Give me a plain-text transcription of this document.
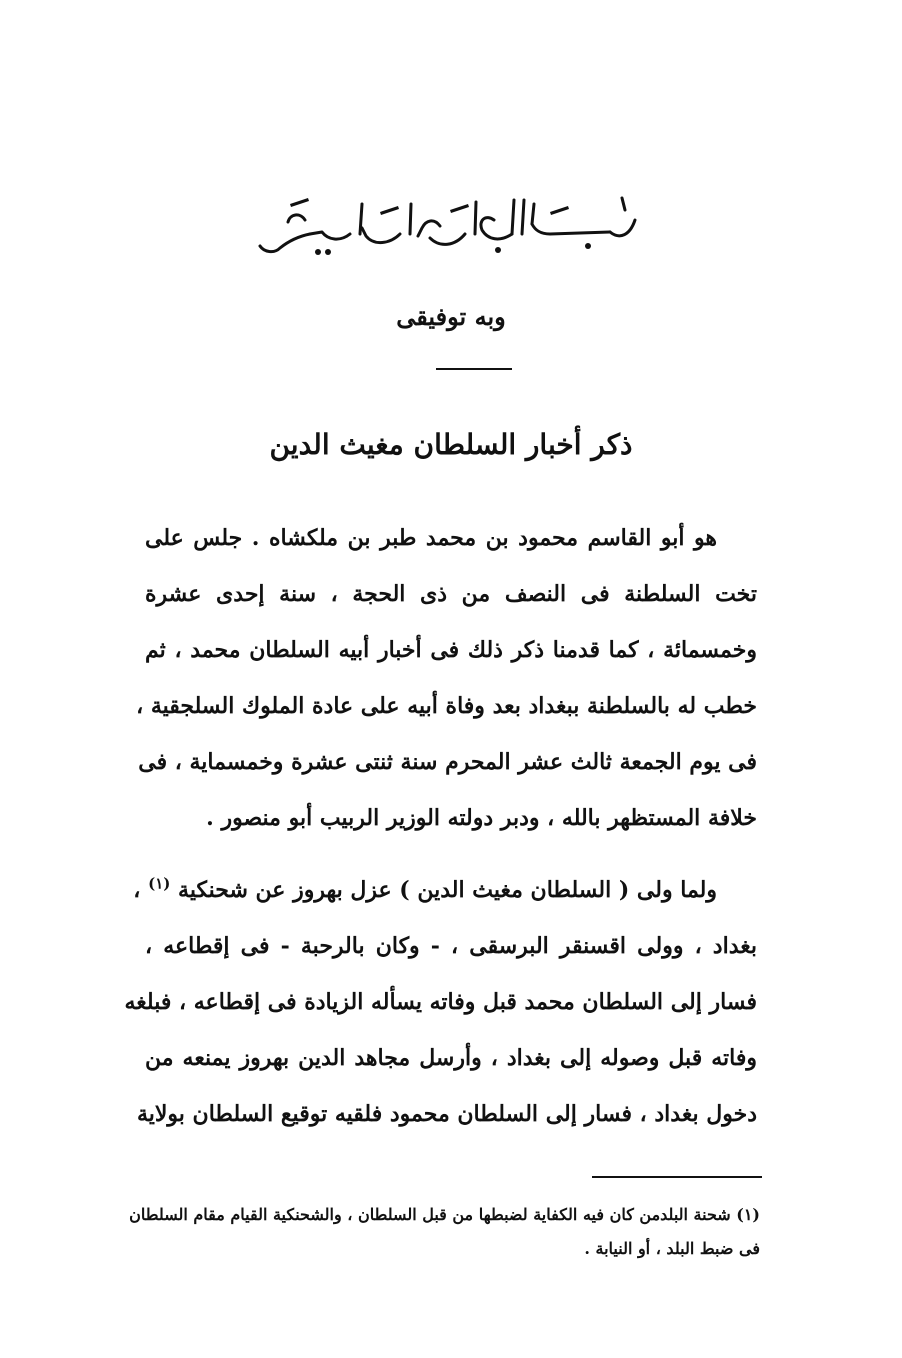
وبه توفيقى
ذكر أخبار السلطان مغيث الدين
هو أبو القاسم محمود بن محمد طبر بن ملكشاه . جلس على
تخت السلطنة فى النصف من ذى الحجة ، سنة إحدى عشرة
وخمسمائة ، كما قدمنا ذكر ذلك فى أخبار أبيه السلطان محمد ، ثم
خطب له بالسلطنة ببغداد بعد وفاة أبيه على عادة الملوك السلجقية ،
فى يوم الجمعة ثالث عشر المحرم سنة ثنتى عشرة وخمسماية ، فى
خلافة المستظهر بالله ، ودبر دولته الوزير الربيب أبو منصور .
ولما ولى ( السلطان مغيث الدين ) عزل بهروز عن شحنكية $^{(١)}$ ،
بغداد ، وولى اقسنقر البرسقى ، - وكان بالرحبة - فى إقطاعه ،
فسار إلى السلطان محمد قبل وفاته يسأله الزيادة فى إقطاعه ، فبلغه
وفاته قبل وصوله إلى بغداد ، وأرسل مجاهد الدين بهروز يمنعه من
دخول بغداد ، فسار إلى السلطان محمود فلقيه توقيع السلطان بولاية
(١) شحنة البلدمن كان فيه الكفاية لضبطها من قبل السلطان ، والشحنكية القيام مقام السلطان
فى ضبط البلد ، أو النيابة .
